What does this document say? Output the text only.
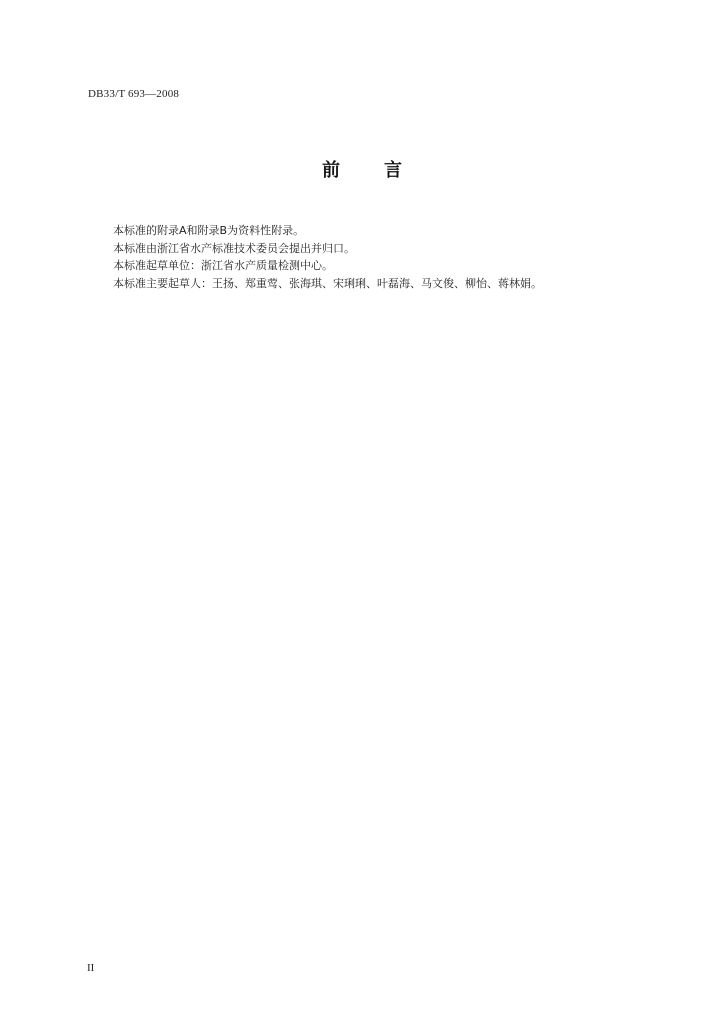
DB33/T 693—2008
前 言

本标准的附录A和附录B为资料性附录。

本标准由浙江省水产标准技术委员会提出并归口。

本标准起草单位：浙江省水产质量检测中心。

本标准主要起草人：王扬、郑重莺、张海琪、宋琍琍、叶磊海、马文俊、柳怡、蒋林娟。

II
